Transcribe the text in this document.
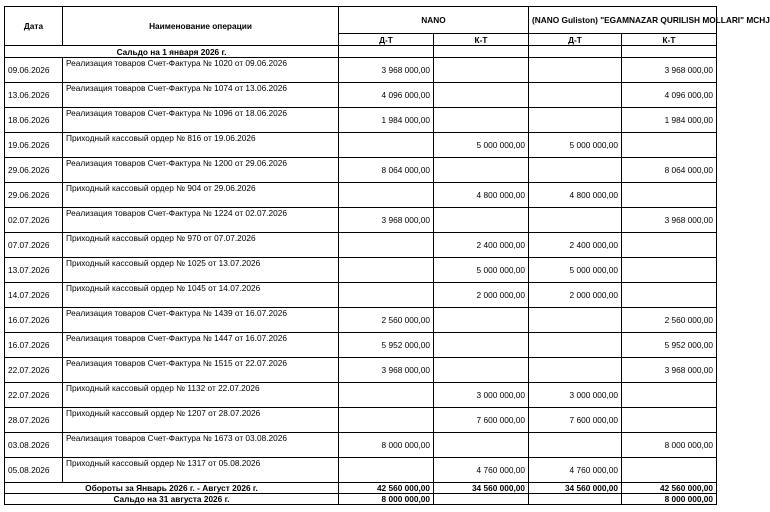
Дата	Наименование операции	NANO		(NANO Guliston) "EGAMNAZAR QURILISH MOLLARI" MCHJ	
		Д-Т	К-Т	Д-Т	К-Т
Сальдо на 1 января 2026 г.					
09.06.2026	Реализация товаров Счет-Фактура № 1020 от 09.06.2026	3 968 000,00			3 968 000,00
13.06.2026	Реализация товаров Счет-Фактура № 1074 от 13.06.2026	4 096 000,00			4 096 000,00
18.06.2026	Реализация товаров Счет-Фактура № 1096 от 18.06.2026	1 984 000,00			1 984 000,00
19.06.2026	Приходный кассовый ордер № 816 от 19.06.2026		5 000 000,00	5 000 000,00	
29.06.2026	Реализация товаров Счет-Фактура № 1200 от 29.06.2026	8 064 000,00			8 064 000,00
29.06.2026	Приходный кассовый ордер № 904 от 29.06.2026		4 800 000,00	4 800 000,00	
02.07.2026	Реализация товаров Счет-Фактура № 1224 от 02.07.2026	3 968 000,00			3 968 000,00
07.07.2026	Приходный кассовый ордер № 970 от 07.07.2026		2 400 000,00	2 400 000,00	
13.07.2026	Приходный кассовый ордер № 1025 от 13.07.2026		5 000 000,00	5 000 000,00	
14.07.2026	Приходный кассовый ордер № 1045 от 14.07.2026		2 000 000,00	2 000 000,00	
16.07.2026	Реализация товаров Счет-Фактура № 1439 от 16.07.2026	2 560 000,00			2 560 000,00
16.07.2026	Реализация товаров Счет-Фактура № 1447 от 16.07.2026	5 952 000,00			5 952 000,00
22.07.2026	Реализация товаров Счет-Фактура № 1515 от 22.07.2026	3 968 000,00			3 968 000,00
22.07.2026	Приходный кассовый ордер № 1132 от 22.07.2026		3 000 000,00	3 000 000,00	
28.07.2026	Приходный кассовый ордер № 1207 от 28.07.2026		7 600 000,00	7 600 000,00	
03.08.2026	Реализация товаров Счет-Фактура № 1673 от 03.08.2026	8 000 000,00			8 000 000,00
05.08.2026	Приходный кассовый ордер № 1317 от 05.08.2026		4 760 000,00	4 760 000,00	
Обороты за Январь 2026 г. - Август 2026 г.		42 560 000,00	34 560 000,00	34 560 000,00	42 560 000,00
Сальдо на 31 августа 2026 г.		8 000 000,00			8 000 000,00
